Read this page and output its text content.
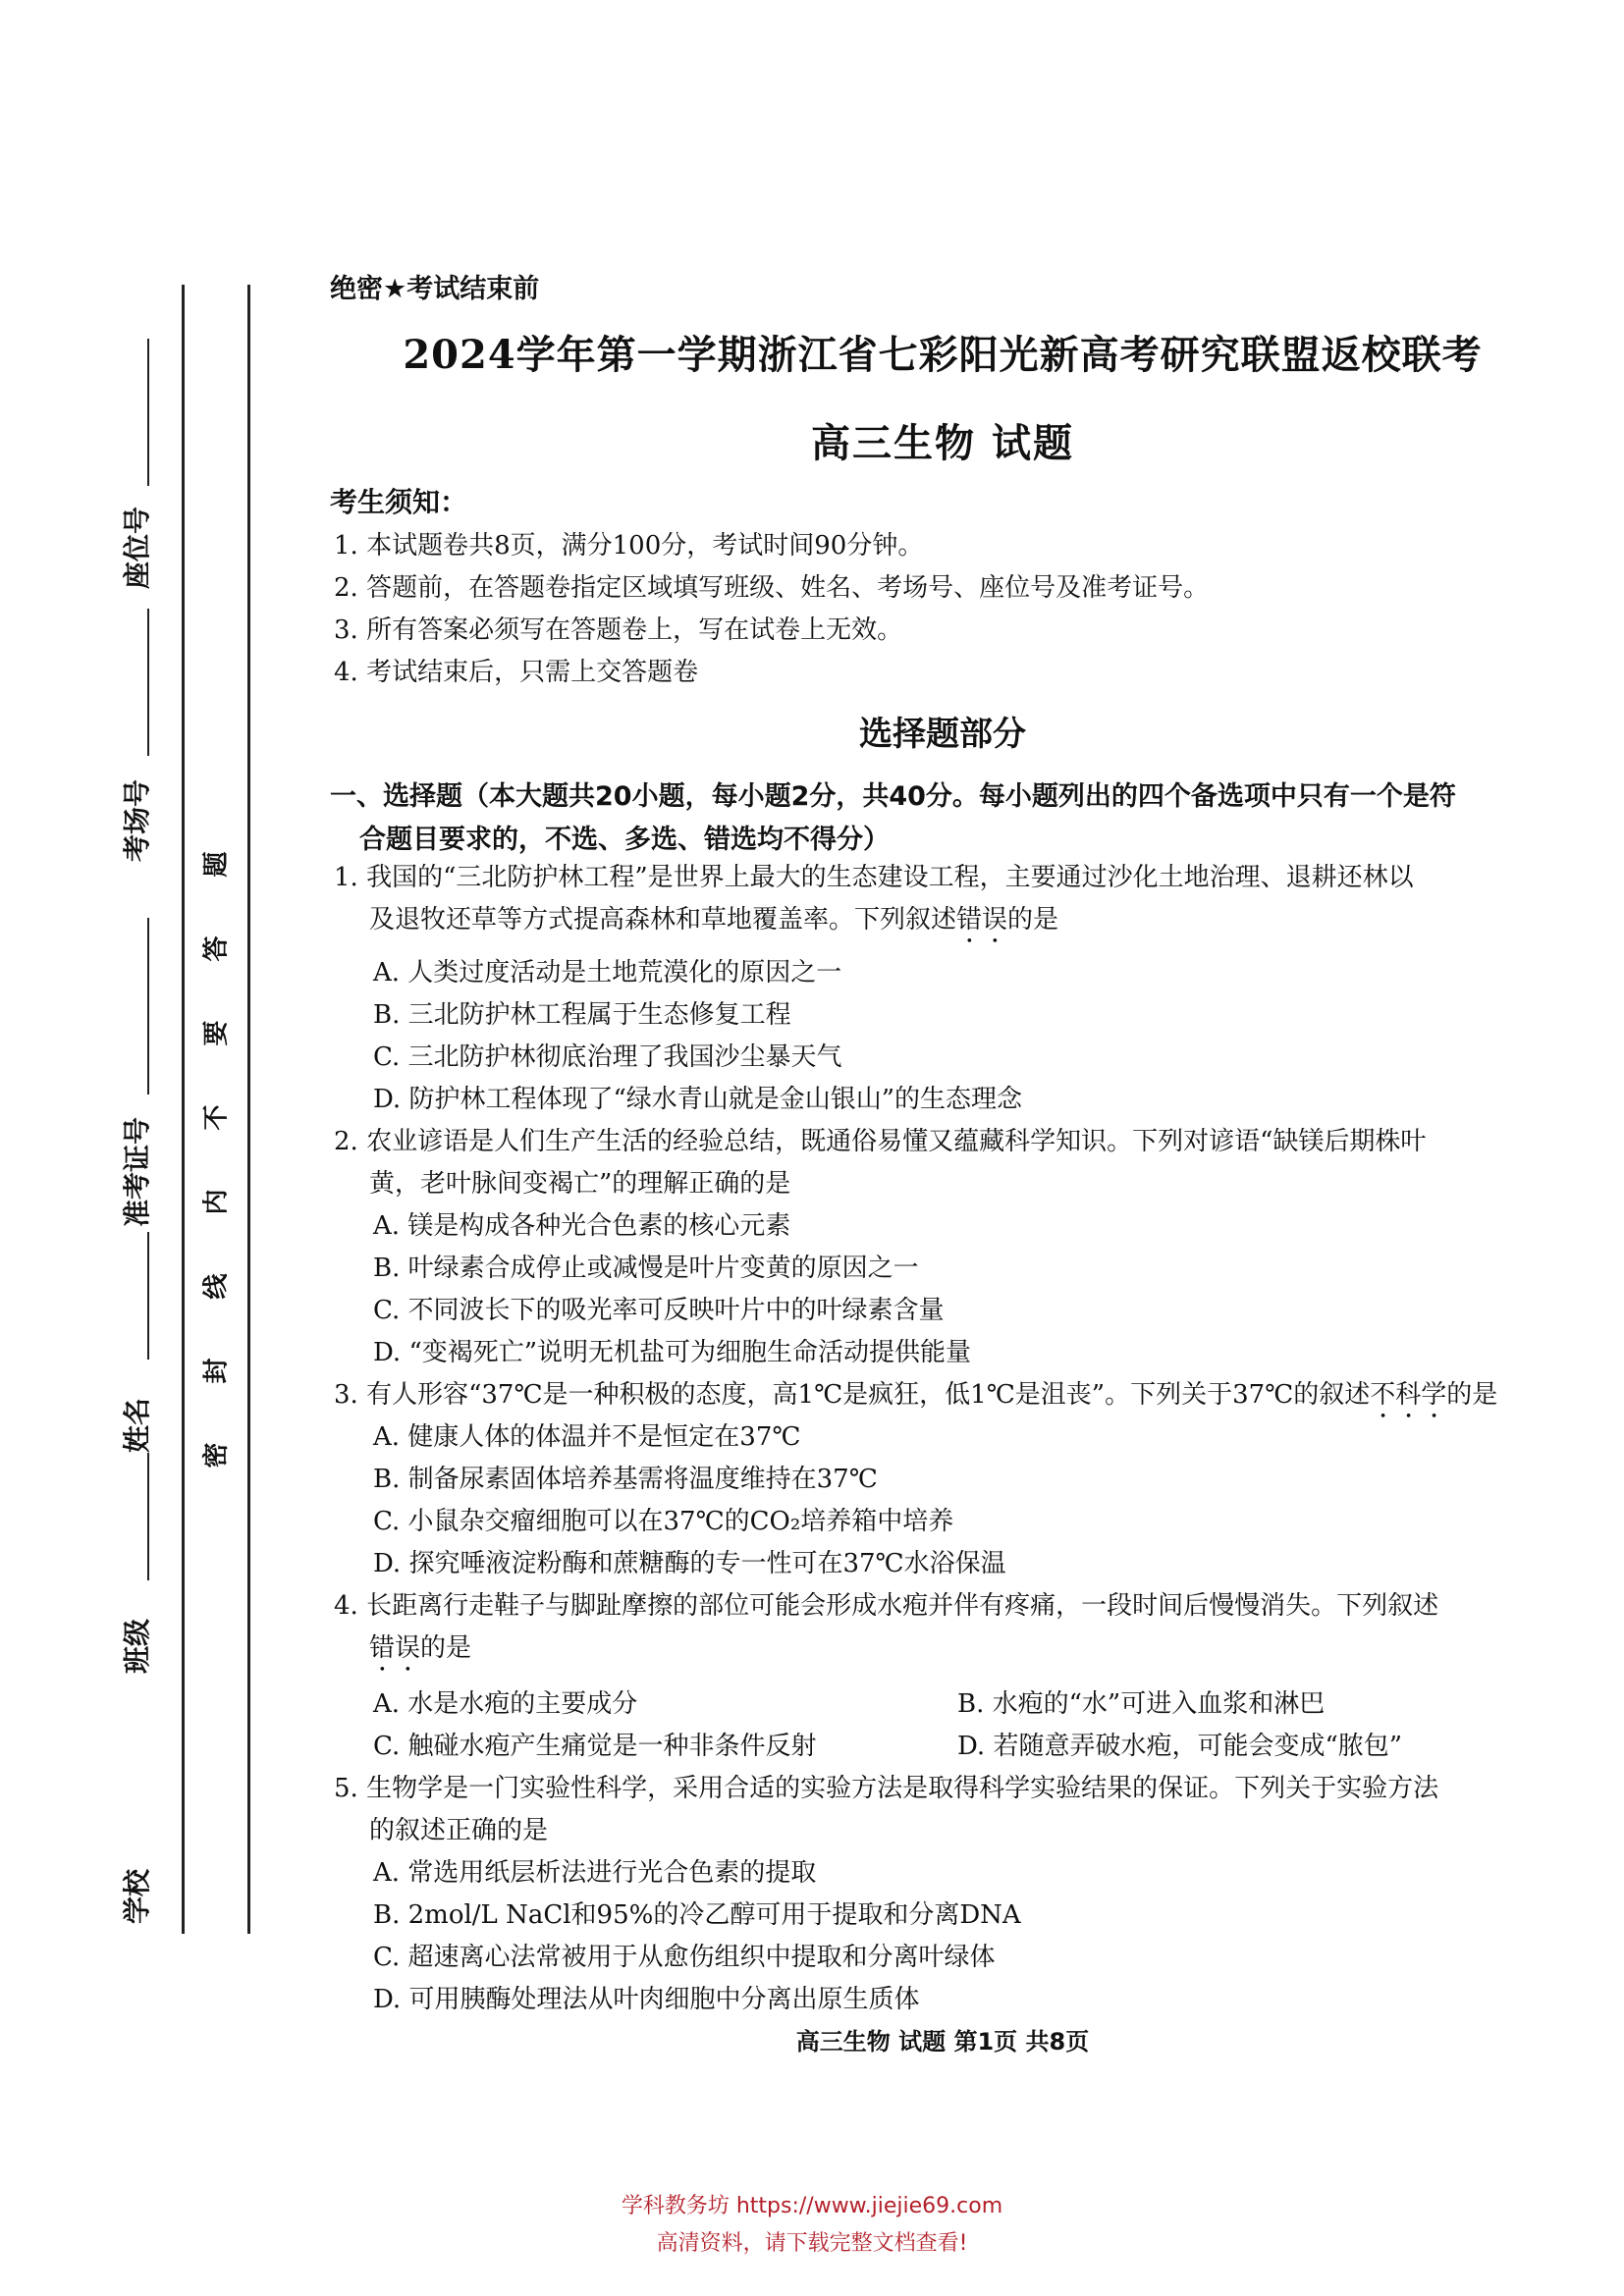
座位号
考场号
准考证号
姓名
班级
学校
题
答
要
不
内
线
封
密
绝密★考试结束前
2024学年第一学期浙江省七彩阳光新高考研究联盟返校联考
高三生物 试题
考生须知：
1. 本试题卷共8页，满分100分，考试时间90分钟。
2. 答题前，在答题卷指定区域填写班级、姓名、考场号、座位号及准考证号。
3. 所有答案必须写在答题卷上，写在试卷上无效。
4. 考试结束后，只需上交答题卷
选择题部分
一、选择题（本大题共20小题，每小题2分，共40分。每小题列出的四个备选项中只有一个是符
合题目要求的，不选、多选、错选均不得分）
1. 我国的“三北防护林工程”是世界上最大的生态建设工程，主要通过沙化土地治理、退耕还林以
及退牧还草等方式提高森林和草地覆盖率。下列叙述错误的是
A. 人类过度活动是土地荒漠化的原因之一
B. 三北防护林工程属于生态修复工程
C. 三北防护林彻底治理了我国沙尘暴天气
D. 防护林工程体现了“绿水青山就是金山银山”的生态理念
2. 农业谚语是人们生产生活的经验总结，既通俗易懂又蕴藏科学知识。下列对谚语“缺镁后期株叶
黄，老叶脉间变褐亡”的理解正确的是
A. 镁是构成各种光合色素的核心元素
B. 叶绿素合成停止或减慢是叶片变黄的原因之一
C. 不同波长下的吸光率可反映叶片中的叶绿素含量
D. “变褐死亡”说明无机盐可为细胞生命活动提供能量
3. 有人形容“37℃是一种积极的态度，高1℃是疯狂，低1℃是沮丧”。下列关于37℃的叙述不科学的是
A. 健康人体的体温并不是恒定在37℃
B. 制备尿素固体培养基需将温度维持在37℃
C. 小鼠杂交瘤细胞可以在37℃的CO₂培养箱中培养
D. 探究唾液淀粉酶和蔗糖酶的专一性可在37℃水浴保温
4. 长距离行走鞋子与脚趾摩擦的部位可能会形成水疱并伴有疼痛，一段时间后慢慢消失。下列叙述
错误的是
A. 水是水疱的主要成分	B. 水疱的“水”可进入血浆和淋巴
C. 触碰水疱产生痛觉是一种非条件反射	D. 若随意弄破水疱，可能会变成“脓包”
5. 生物学是一门实验性科学，采用合适的实验方法是取得科学实验结果的保证。下列关于实验方法
的叙述正确的是
A. 常选用纸层析法进行光合色素的提取
B. 2mol/L NaCl和95%的冷乙醇可用于提取和分离DNA
C. 超速离心法常被用于从愈伤组织中提取和分离叶绿体
D. 可用胰酶处理法从叶肉细胞中分离出原生质体
高三生物 试题 第1页 共8页
学科教务坊 https://www.jiejie69.com
高清资料，请下载完整文档查看!
